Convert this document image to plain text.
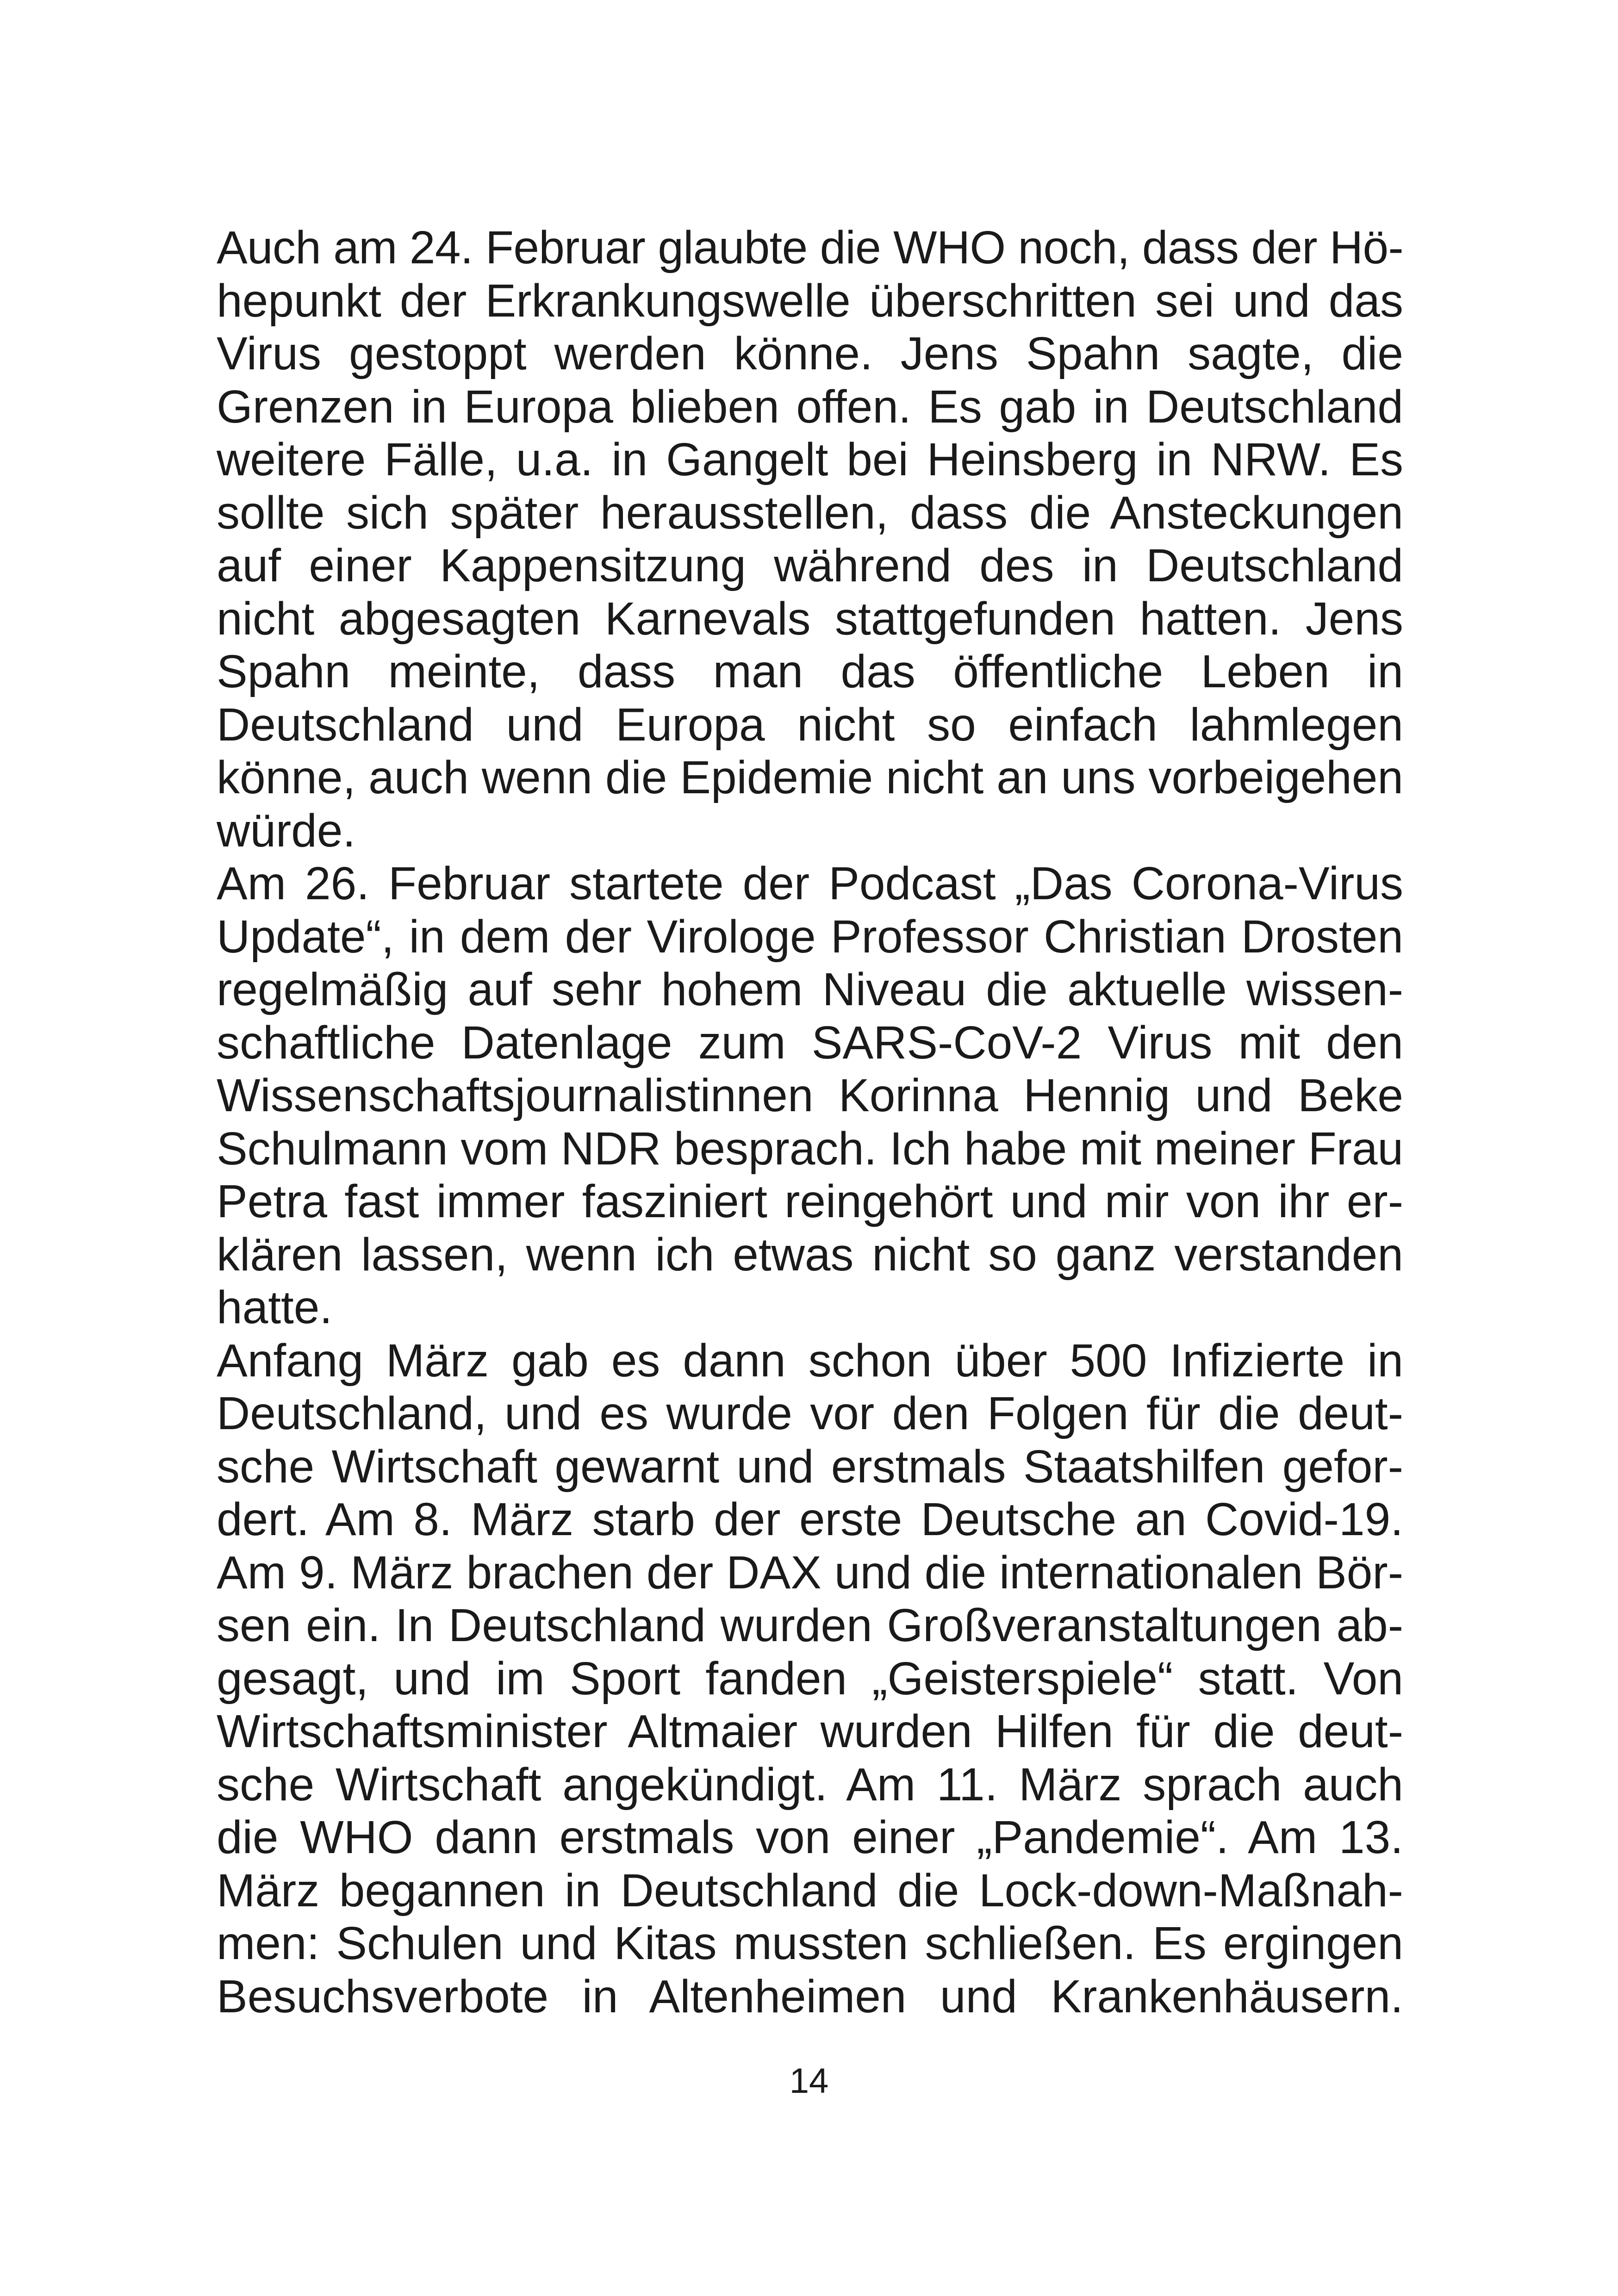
Auch am 24. Februar glaubte die WHO noch, dass der Hö-
hepunkt der Erkrankungswelle überschritten sei und das
Virus gestoppt werden könne. Jens Spahn sagte, die
Grenzen in Europa blieben offen. Es gab in Deutschland
weitere Fälle, u.a. in Gangelt bei Heinsberg in NRW. Es
sollte sich später herausstellen, dass die Ansteckungen
auf einer Kappensitzung während des in Deutschland
nicht abgesagten Karnevals stattgefunden hatten. Jens
Spahn meinte, dass man das öffentliche Leben in
Deutschland und Europa nicht so einfach lahmlegen
könne, auch wenn die Epidemie nicht an uns vorbeigehen
würde.
Am 26. Februar startete der Podcast „Das Corona-Virus
Update“, in dem der Virologe Professor Christian Drosten
regelmäßig auf sehr hohem Niveau die aktuelle wissen-
schaftliche Datenlage zum SARS-CoV-2 Virus mit den
Wissenschaftsjournalistinnen Korinna Hennig und Beke
Schulmann vom NDR besprach. Ich habe mit meiner Frau
Petra fast immer fasziniert reingehört und mir von ihr er-
klären lassen, wenn ich etwas nicht so ganz verstanden
hatte.
Anfang März gab es dann schon über 500 Infizierte in
Deutschland, und es wurde vor den Folgen für die deut-
sche Wirtschaft gewarnt und erstmals Staatshilfen gefor-
dert. Am 8. März starb der erste Deutsche an Covid-19.
Am 9. März brachen der DAX und die internationalen Bör-
sen ein. In Deutschland wurden Großveranstaltungen ab-
gesagt, und im Sport fanden „Geisterspiele“ statt. Von
Wirtschaftsminister Altmaier wurden Hilfen für die deut-
sche Wirtschaft angekündigt. Am 11. März sprach auch
die WHO dann erstmals von einer „Pandemie“. Am 13.
März begannen in Deutschland die Lock-down-Maßnah-
men: Schulen und Kitas mussten schließen. Es ergingen
Besuchsverbote in Altenheimen und Krankenhäusern.
14
